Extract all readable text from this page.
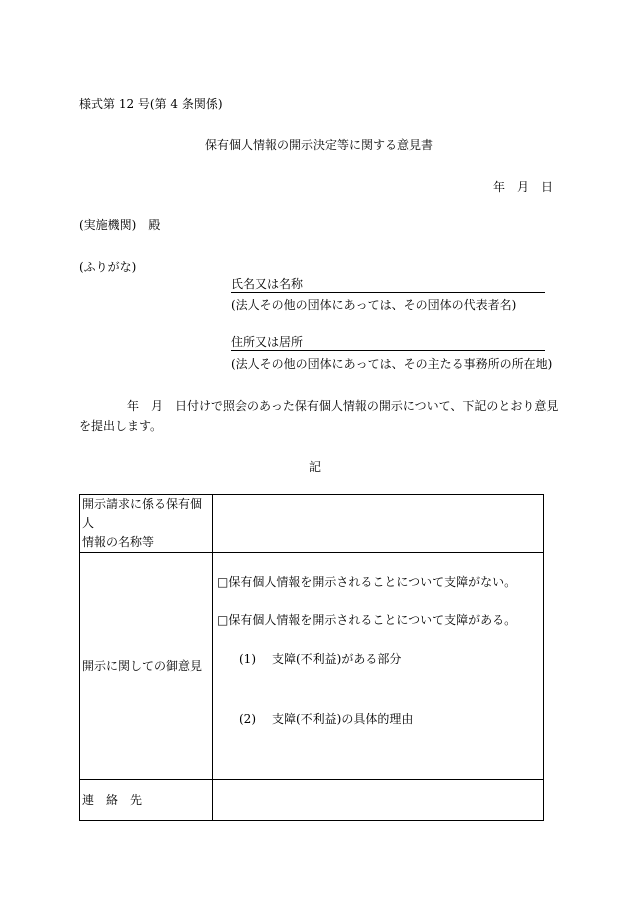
様式第 12 号(第 4 条関係)
保有個人情報の開示決定等に関する意見書
年　月　日
(実施機関) 殿
(ふりがな)
氏名又は名称
(法人その他の団体にあっては、その団体の代表者名)
住所又は居所
(法人その他の団体にあっては、その主たる事務所の所在地)
年　月　日付けで照会のあった保有個人情報の開示について、下記のとおり意見
を提出します。
記
開示請求に係る保有個人
情報の名称等	

開示に関しての御意見	□保有個人情報を開示されることについて支障がない。
□保有個人情報を開示されることについて支障がある。
(1) 支障(不利益)がある部分
(2) 支障(不利益)の具体的理由

連　絡　先	
